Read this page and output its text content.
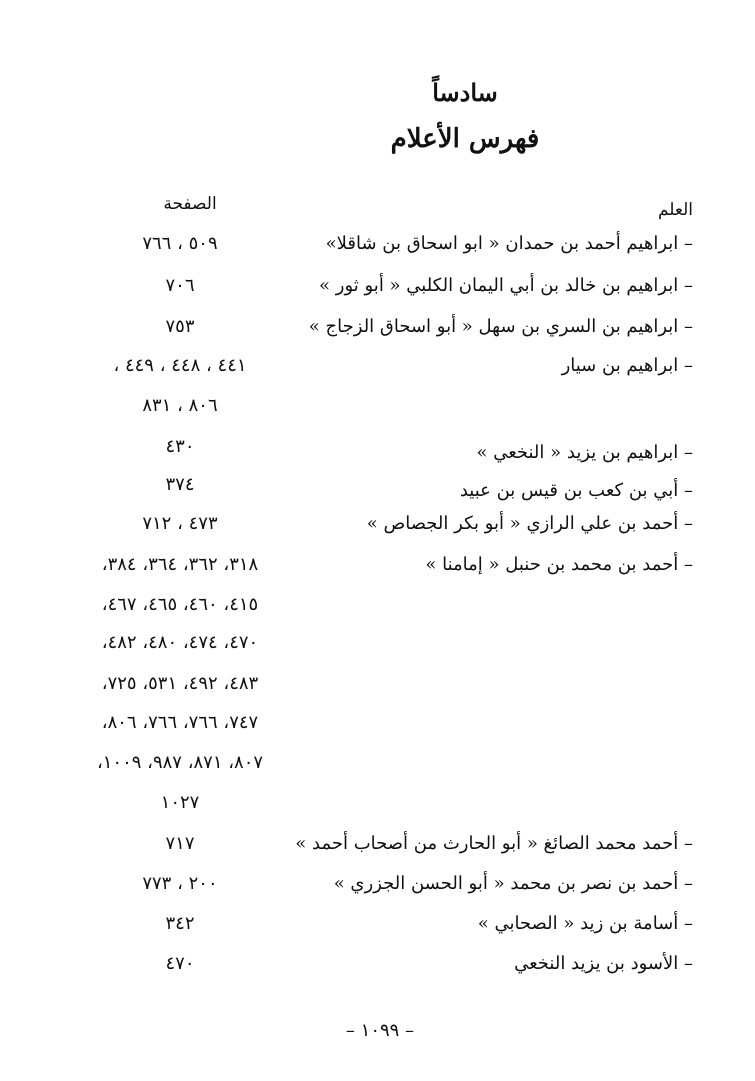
سادساً
فهرس الأعلام
العلم
الصفحة
– ابراهيم أحمد بن حمدان « ابو اسحاق بن شاقلا»
٥٠٩ ، ٧٦٦
– ابراهيم بن خالد بن أبي اليمان الكلبي « أبو ثور »
٧٠٦
– ابراهيم بن السري بن سهل « أبو اسحاق الزجاج »
٧٥٣
– ابراهيم بن سيار
٤٤١ ، ٤٤٨ ، ٤٤٩ ،
٨٠٦ ، ٨٣١
– ابراهيم بن يزيد « النخعي »
٤٣٠
– أبي بن كعب بن قيس بن عبيد
٣٧٤
– أحمد بن علي الرازي « أبو بكر الجصاص »
٤٧٣ ، ٧١٢
– أحمد بن محمد بن حنبل « إمامنا »
٣١٨، ٣٦٢، ٣٦٤، ٣٨٤،
٤١٥، ٤٦٠، ٤٦٥، ٤٦٧،
٤٧٠، ٤٧٤، ٤٨٠، ٤٨٢،
٤٨٣، ٤٩٢، ٥٣١، ٧٢٥،
٧٤٧، ٧٦٦، ٧٦٦، ٨٠٦،
٨٠٧، ٨٧١، ٩٨٧، ١٠٠٩،
١٠٢٧
– أحمد محمد الصائغ « أبو الحارث من أصحاب أحمد »
٧١٧
– أحمد بن نصر بن محمد « أبو الحسن الجزري »
٢٠٠ ، ٧٧٣
– أسامة بن زيد « الصحابي »
٣٤٢
– الأسود بن يزيد النخعي
٤٧٠
– ١٠٩٩ –
